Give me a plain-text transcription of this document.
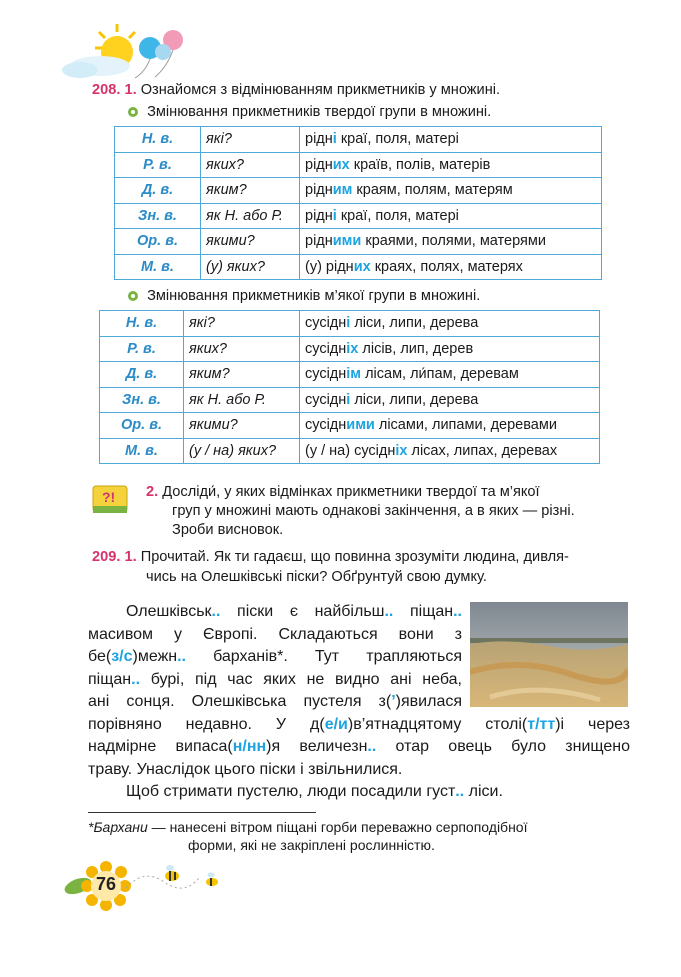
208. 1. Ознайомся з відмінюванням прикметників у множині.
Змінювання прикметників твердої групи в множині.
Н. в.	які?	рідні краї, поля, матері
Р. в.	яких?	рідних країв, полів, матерів
Д. в.	яким?	рідним краям, полям, матерям
Зн. в.	як Н. або Р.	рідні краї, поля, матері
Ор. в.	якими?	рідними краями, полями, матерями
М. в.	(у) яких?	(у) рідних краях, полях, матерях
Змінювання прикметників м’якої групи в множині.
Н. в.	які?	сусідні ліси, липи, дерева
Р. в.	яких?	сусідніх лісів, лип, дерев
Д. в.	яким?	сусіднім лісам, ли́пам, деревам
Зн. в.	як Н. або Р.	сусідні ліси, липи, дерева
Ор. в.	якими?	сусідними лісами, липами, деревами
М. в.	(у / на) яких?	(у / на) сусідніх лісах, липах, деревах
?! 2. Досліди́, у яких відмінках прикметники твердої та м’якої
груп у множині мають однакові закінчення, а в яких — різні.
Зроби висновок.
209. 1. Прочитай. Як ти гадаєш, що повинна зрозуміти людина, дивля-
чись на Олешківські піски? Обґрунтуй свою думку.
Олешківськ.. піски є найбільш.. піщан..
масивом у Європі. Складаються вони з
бе(з/с)межн.. барханів*. Тут трапляються
піщан.. бурі, під час яких не видно ані неба,
ані сонця. Олешківська пустеля з(’)явилася
порівняно недавно. У д(е/и)в’ятнадцятому столі(т/тт)і через
надмірне випаса(н/нн)я величезн.. отар овець було знищено
траву. Унаслідок цього піски і звільнилися.
Щоб стримати пустелю, люди посадили густ.. ліси.
*Бархани — нанесені вітром піщані горби переважно серпоподібної
форми, які не закріплені рослинністю.
76
